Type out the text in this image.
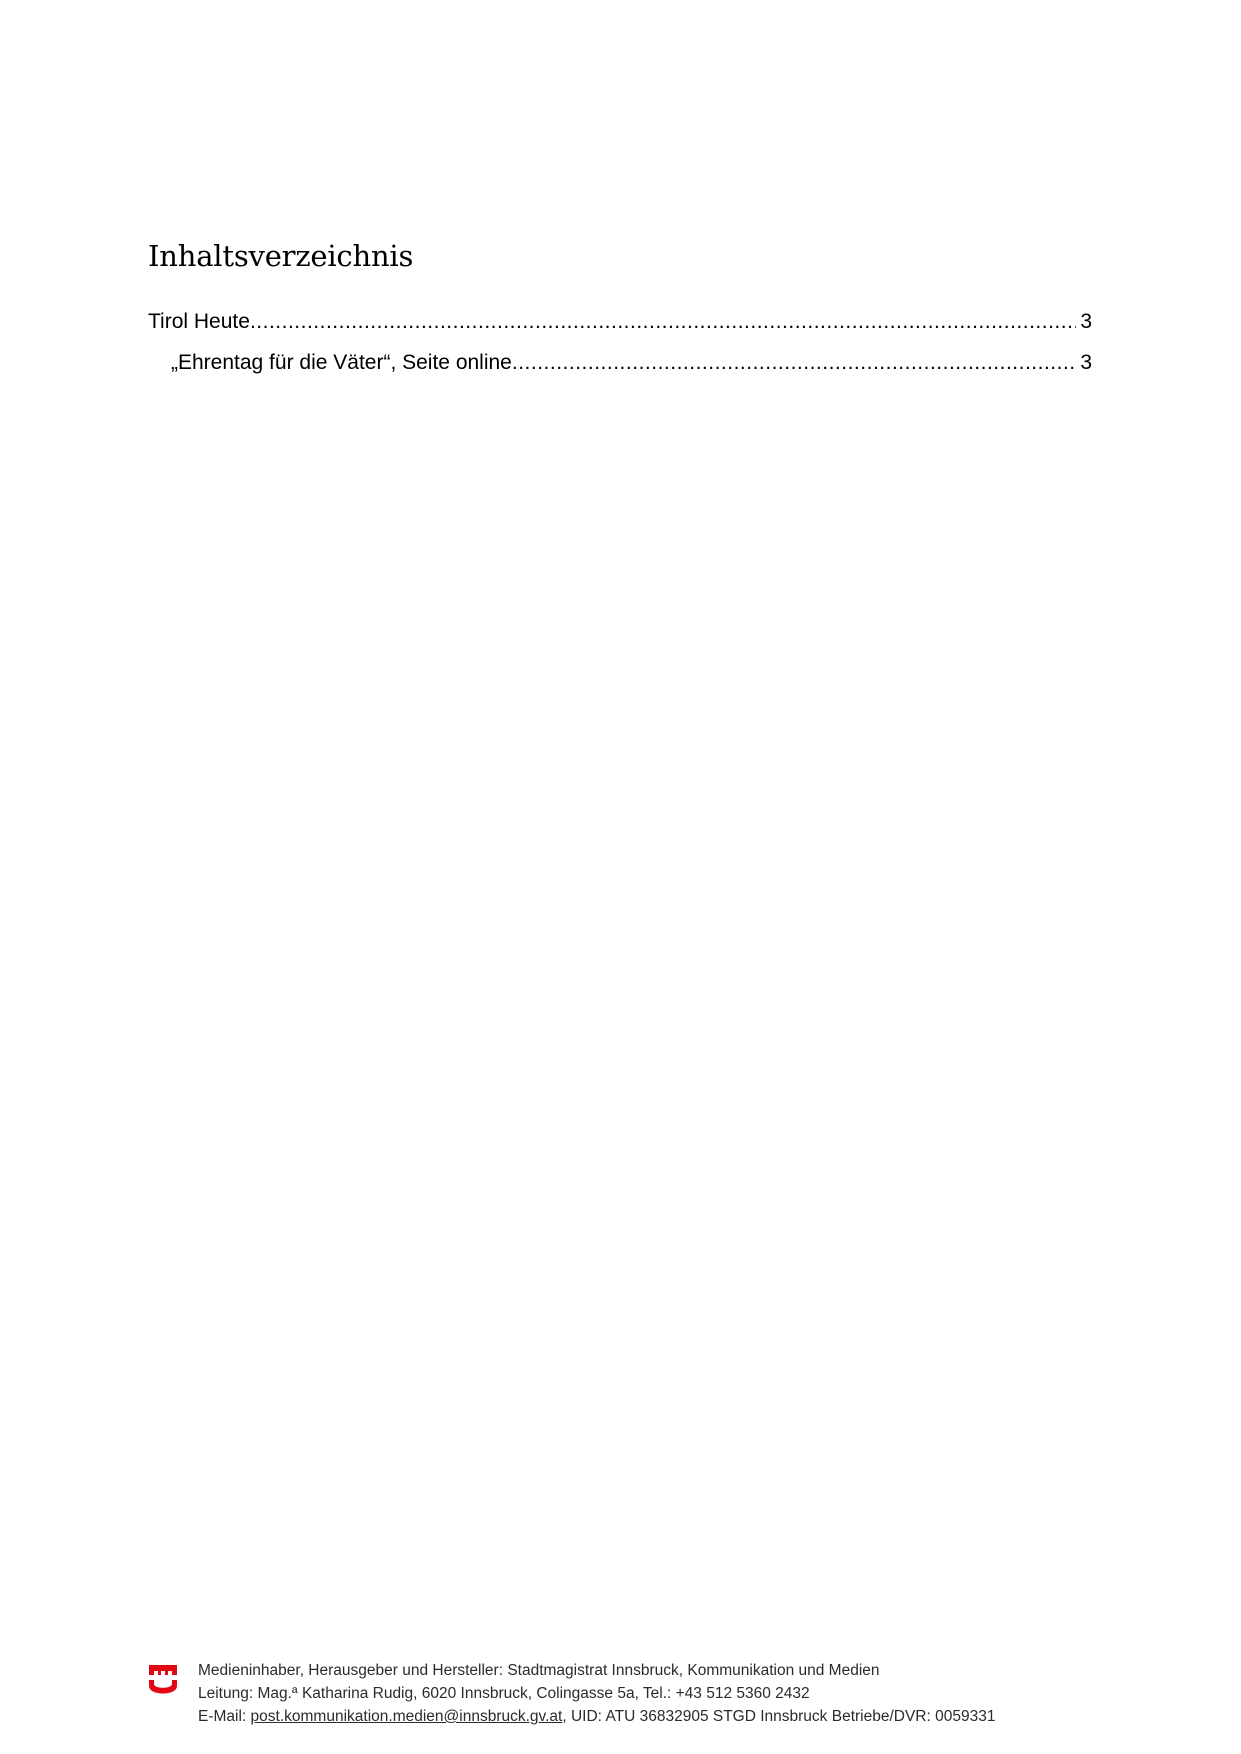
Inhaltsverzeichnis
Tirol Heute .....	3
„Ehrentag für die Väter“, Seite online .....	3
Medieninhaber, Herausgeber und Hersteller: Stadtmagistrat Innsbruck, Kommunikation und Medien
Leitung: Mag.ª Katharina Rudig, 6020 Innsbruck, Colingasse 5a, Tel.: +43 512 5360 2432
E-Mail: post.kommunikation.medien@innsbruck.gv.at, UID: ATU 36832905 STGD Innsbruck Betriebe/DVR: 0059331
